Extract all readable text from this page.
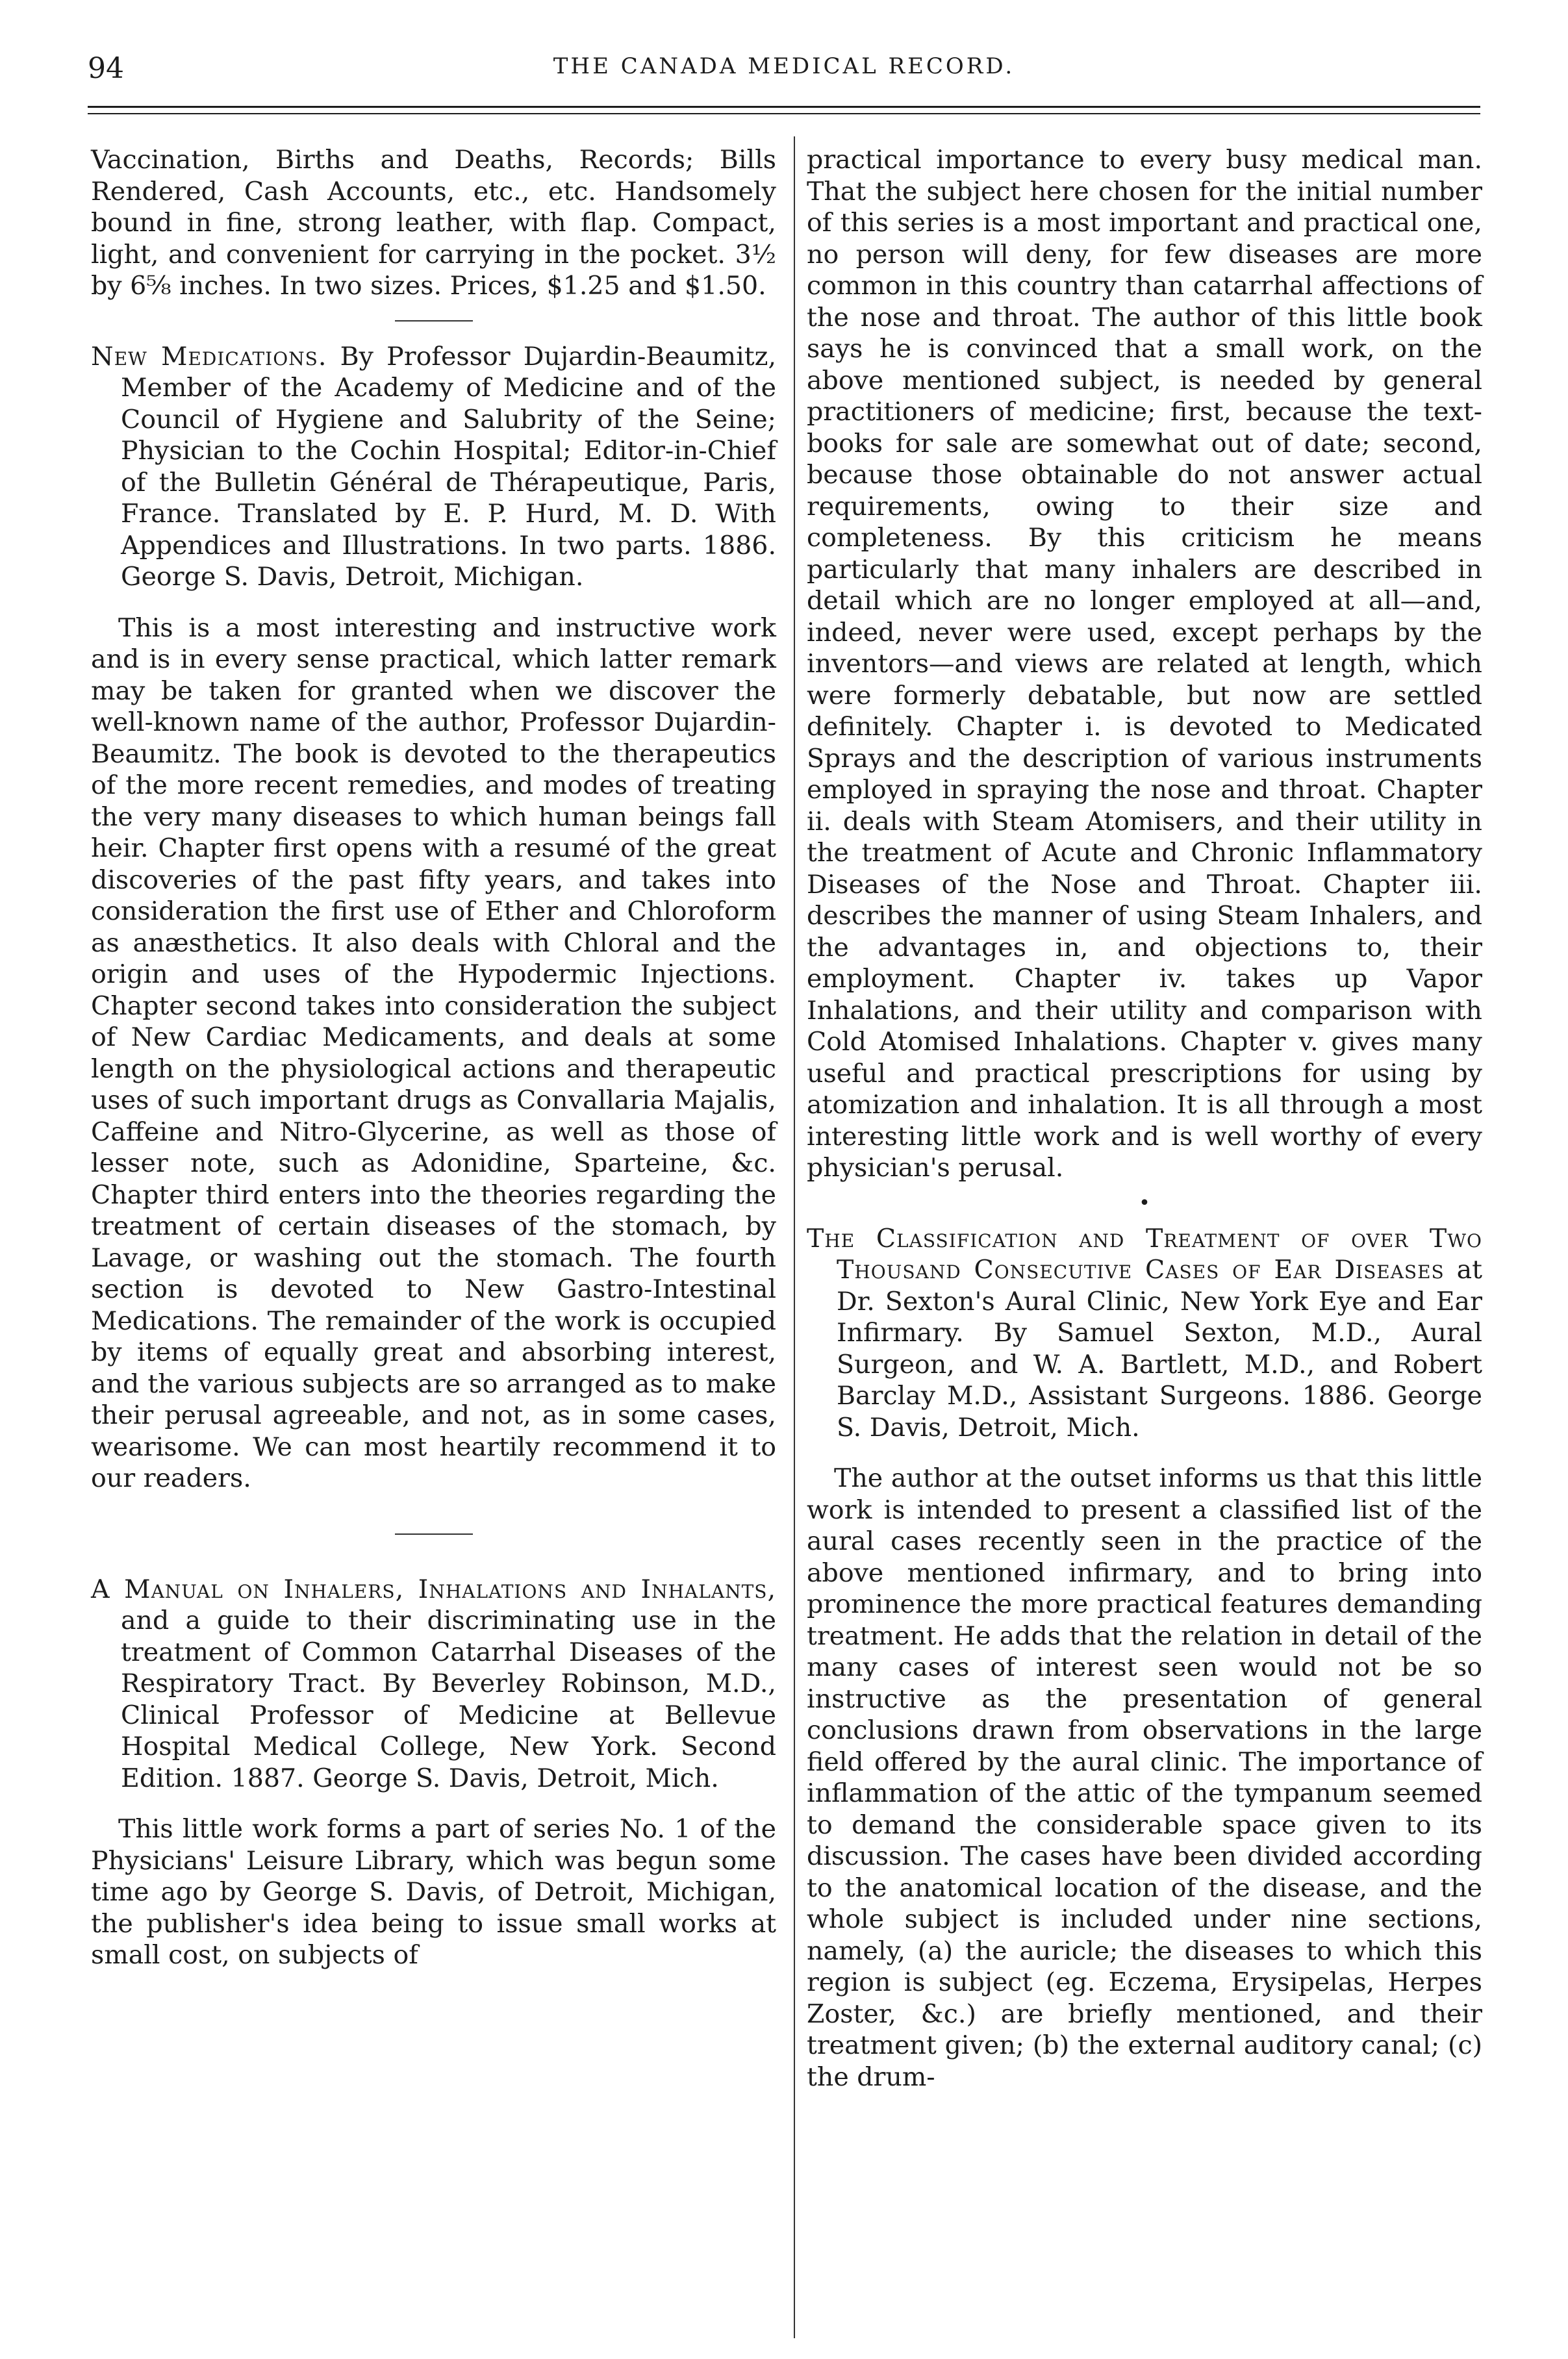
94	THE CANADA MEDICAL RECORD.

Vaccination, Births and Deaths, Records; Bills Rendered, Cash Accounts, etc., etc. Handsomely bound in fine, strong leather, with flap. Compact, light, and convenient for carrying in the pocket. 3½ by 6⅝ inches. In two sizes. Prices, $1.25 and $1.50.

New Medications. By Professor Dujardin-Beaumitz, Member of the Academy of Medicine and of the Council of Hygiene and Salubrity of the Seine; Physician to the Cochin Hospital; Editor-in-Chief of the Bulletin Général de Thérapeutique, Paris, France. Translated by E. P. Hurd, M. D. With Appendices and Illustrations. In two parts. 1886. George S. Davis, Detroit, Michigan.

This is a most interesting and instructive work and is in every sense practical, which latter remark may be taken for granted when we discover the well-known name of the author, Professor Dujardin-Beaumitz. The book is devoted to the therapeutics of the more recent remedies, and modes of treating the very many diseases to which human beings fall heir. Chapter first opens with a resumé of the great discoveries of the past fifty years, and takes into consideration the first use of Ether and Chloroform as anæsthetics. It also deals with Chloral and the origin and uses of the Hypodermic Injections. Chapter second takes into consideration the subject of New Cardiac Medicaments, and deals at some length on the physiological actions and therapeutic uses of such important drugs as Convallaria Majalis, Caffeine and Nitro-Glycerine, as well as those of lesser note, such as Adonidine, Sparteine, &c. Chapter third enters into the theories regarding the treatment of certain diseases of the stomach, by Lavage, or washing out the stomach. The fourth section is devoted to New Gastro-Intestinal Medications. The remainder of the work is occupied by items of equally great and absorbing interest, and the various subjects are so arranged as to make their perusal agreeable, and not, as in some cases, wearisome. We can most heartily recommend it to our readers.

A Manual on Inhalers, Inhalations and Inhalants, and a guide to their discriminating use in the treatment of Common Catarrhal Diseases of the Respiratory Tract. By Beverley Robinson, M.D., Clinical Professor of Medicine at Bellevue Hospital Medical College, New York. Second Edition. 1887. George S. Davis, Detroit, Mich.

This little work forms a part of series No. 1 of the Physicians' Leisure Library, which was begun some time ago by George S. Davis, of Detroit, Michigan, the publisher's idea being to issue small works at small cost, on subjects of

practical importance to every busy medical man. That the subject here chosen for the initial number of this series is a most important and practical one, no person will deny, for few diseases are more common in this country than catarrhal affections of the nose and throat. The author of this little book says he is convinced that a small work, on the above mentioned subject, is needed by general practitioners of medicine; first, because the text-books for sale are somewhat out of date; second, because those obtainable do not answer actual requirements, owing to their size and completeness. By this criticism he means particularly that many inhalers are described in detail which are no longer employed at all—and, indeed, never were used, except perhaps by the inventors—and views are related at length, which were formerly debatable, but now are settled definitely. Chapter i. is devoted to Medicated Sprays and the description of various instruments employed in spraying the nose and throat. Chapter ii. deals with Steam Atomisers, and their utility in the treatment of Acute and Chronic Inflammatory Diseases of the Nose and Throat. Chapter iii. describes the manner of using Steam Inhalers, and the advantages in, and objections to, their employment. Chapter iv. takes up Vapor Inhalations, and their utility and comparison with Cold Atomised Inhalations. Chapter v. gives many useful and practical prescriptions for using by atomization and inhalation. It is all through a most interesting little work and is well worthy of every physician's perusal.

•

The Classification and Treatment of over Two Thousand Consecutive Cases of Ear Diseases at Dr. Sexton's Aural Clinic, New York Eye and Ear Infirmary. By Samuel Sexton, M.D., Aural Surgeon, and W. A. Bartlett, M.D., and Robert Barclay M.D., Assistant Surgeons. 1886. George S. Davis, Detroit, Mich.

The author at the outset informs us that this little work is intended to present a classified list of the aural cases recently seen in the practice of the above mentioned infirmary, and to bring into prominence the more practical features demanding treatment. He adds that the relation in detail of the many cases of interest seen would not be so instructive as the presentation of general conclusions drawn from observations in the large field offered by the aural clinic. The importance of inflammation of the attic of the tympanum seemed to demand the considerable space given to its discussion. The cases have been divided according to the anatomical location of the disease, and the whole subject is included under nine sections, namely, (a) the auricle; the diseases to which this region is subject (eg. Eczema, Erysipelas, Herpes Zoster, &c.) are briefly mentioned, and their treatment given; (b) the external auditory canal; (c) the drum-
